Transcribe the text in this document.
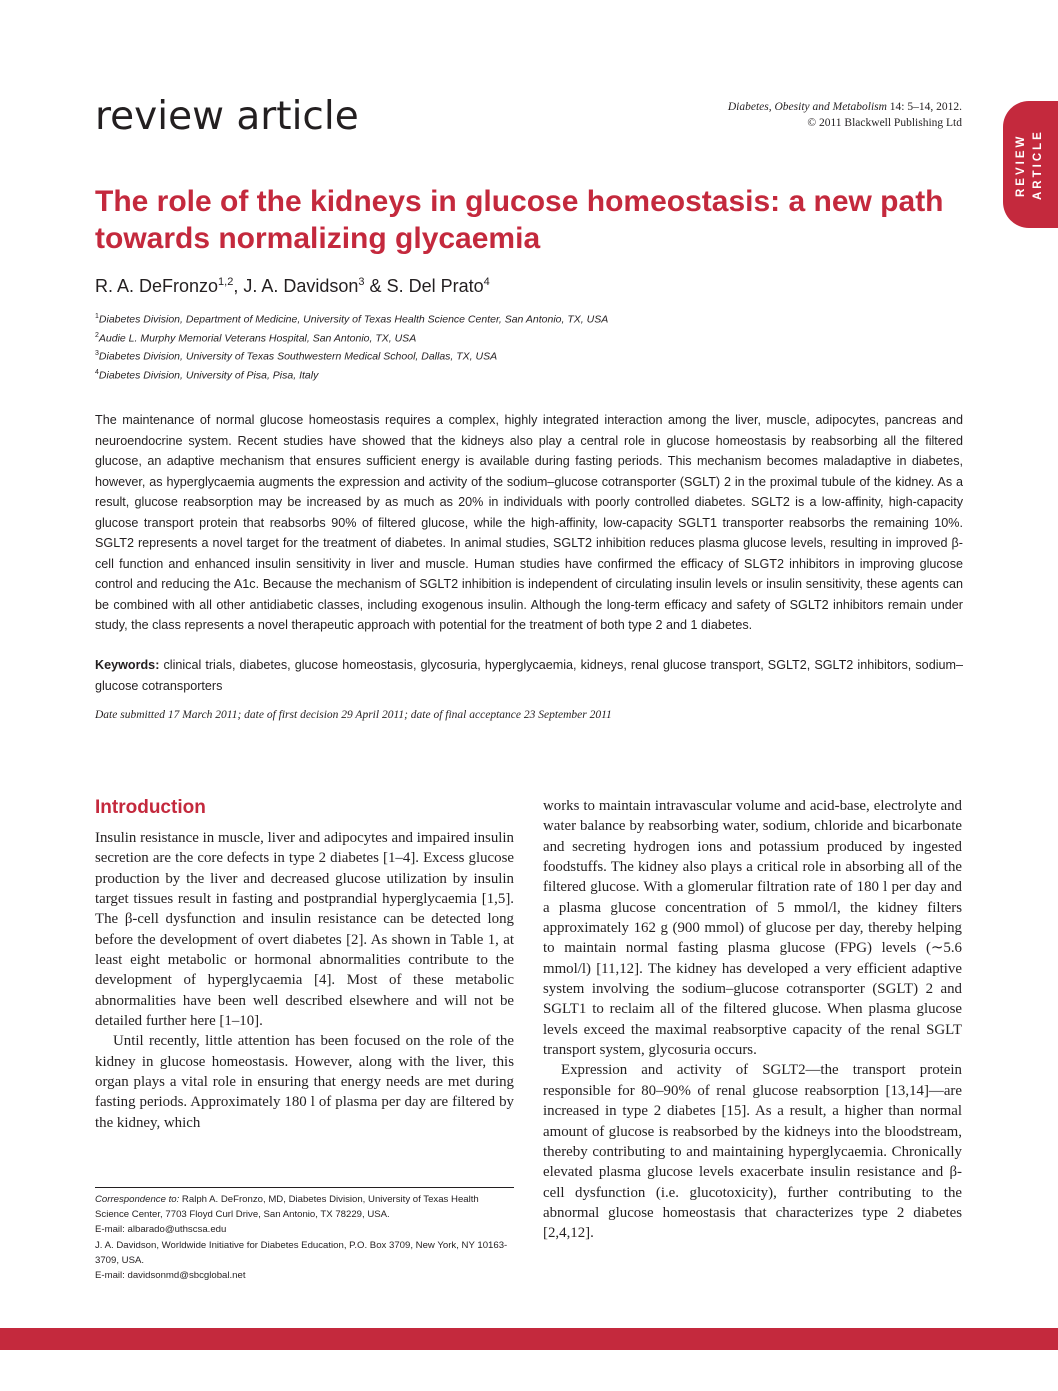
review article	Diabetes, Obesity and Metabolism 14: 5–14, 2012.
© 2011 Blackwell Publishing Ltd
REVIEW ARTICLE
The role of the kidneys in glucose homeostasis: a new path towards normalizing glycaemia

R. A. DeFronzo$^{1,2}$, J. A. Davidson$^3$ & S. Del Prato$^4$

$^1$Diabetes Division, Department of Medicine, University of Texas Health Science Center, San Antonio, TX, USA
$^2$Audie L. Murphy Memorial Veterans Hospital, San Antonio, TX, USA
$^3$Diabetes Division, University of Texas Southwestern Medical School, Dallas, TX, USA
$^4$Diabetes Division, University of Pisa, Pisa, Italy

The maintenance of normal glucose homeostasis requires a complex, highly integrated interaction among the liver, muscle, adipocytes, pancreas and neuroendocrine system. Recent studies have showed that the kidneys also play a central role in glucose homeostasis by reabsorbing all the filtered glucose, an adaptive mechanism that ensures sufficient energy is available during fasting periods. This mechanism becomes maladaptive in diabetes, however, as hyperglycaemia augments the expression and activity of the sodium–glucose cotransporter (SGLT) 2 in the proximal tubule of the kidney. As a result, glucose reabsorption may be increased by as much as 20% in individuals with poorly controlled diabetes. SGLT2 is a low-affinity, high-capacity glucose transport protein that reabsorbs 90% of filtered glucose, while the high-affinity, low-capacity SGLT1 transporter reabsorbs the remaining 10%. SGLT2 represents a novel target for the treatment of diabetes. In animal studies, SGLT2 inhibition reduces plasma glucose levels, resulting in improved β-cell function and enhanced insulin sensitivity in liver and muscle. Human studies have confirmed the efficacy of SLGT2 inhibitors in improving glucose control and reducing the A1c. Because the mechanism of SGLT2 inhibition is independent of circulating insulin levels or insulin sensitivity, these agents can be combined with all other antidiabetic classes, including exogenous insulin. Although the long-term efficacy and safety of SGLT2 inhibitors remain under study, the class represents a novel therapeutic approach with potential for the treatment of both type 2 and 1 diabetes.

Keywords: clinical trials, diabetes, glucose homeostasis, glycosuria, hyperglycaemia, kidneys, renal glucose transport, SGLT2, SGLT2 inhibitors, sodium–glucose cotransporters

Date submitted 17 March 2011; date of first decision 29 April 2011; date of final acceptance 23 September 2011

Introduction

Insulin resistance in muscle, liver and adipocytes and impaired insulin secretion are the core defects in type 2 diabetes [1–4]. Excess glucose production by the liver and decreased glucose utilization by insulin target tissues result in fasting and postprandial hyperglycaemia [1,5]. The β-cell dysfunction and insulin resistance can be detected long before the development of overt diabetes [2]. As shown in Table 1, at least eight metabolic or hormonal abnormalities contribute to the development of hyperglycaemia [4]. Most of these metabolic abnormalities have been well described elsewhere and will not be detailed further here [1–10].

Until recently, little attention has been focused on the role of the kidney in glucose homeostasis. However, along with the liver, this organ plays a vital role in ensuring that energy needs are met during fasting periods. Approximately 180 l of plasma per day are filtered by the kidney, which

works to maintain intravascular volume and acid-base, electrolyte and water balance by reabsorbing water, sodium, chloride and bicarbonate and secreting hydrogen ions and potassium produced by ingested foodstuffs. The kidney also plays a critical role in absorbing all of the filtered glucose. With a glomerular filtration rate of 180 l per day and a plasma glucose concentration of 5 mmol/l, the kidney filters approximately 162 g (900 mmol) of glucose per day, thereby helping to maintain normal fasting plasma glucose (FPG) levels (∼5.6 mmol/l) [11,12]. The kidney has developed a very efficient adaptive system involving the sodium–glucose cotransporter (SGLT) 2 and SGLT1 to reclaim all of the filtered glucose. When plasma glucose levels exceed the maximal reabsorptive capacity of the renal SGLT transport system, glycosuria occurs.

Expression and activity of SGLT2—the transport protein responsible for 80–90% of renal glucose reabsorption [13,14]—are increased in type 2 diabetes [15]. As a result, a higher than normal amount of glucose is reabsorbed by the kidneys into the bloodstream, thereby contributing to and maintaining hyperglycaemia. Chronically elevated plasma glucose levels exacerbate insulin resistance and β-cell dysfunction (i.e. glucotoxicity), further contributing to the abnormal glucose homeostasis that characterizes type 2 diabetes [2,4,12].

Correspondence to: Ralph A. DeFronzo, MD, Diabetes Division, University of Texas Health Science Center, 7703 Floyd Curl Drive, San Antonio, TX 78229, USA.

E-mail: albarado@uthscsa.edu

J. A. Davidson, Worldwide Initiative for Diabetes Education, P.O. Box 3709, New York, NY 10163-3709, USA.

E-mail: davidsonmd@sbcglobal.net
